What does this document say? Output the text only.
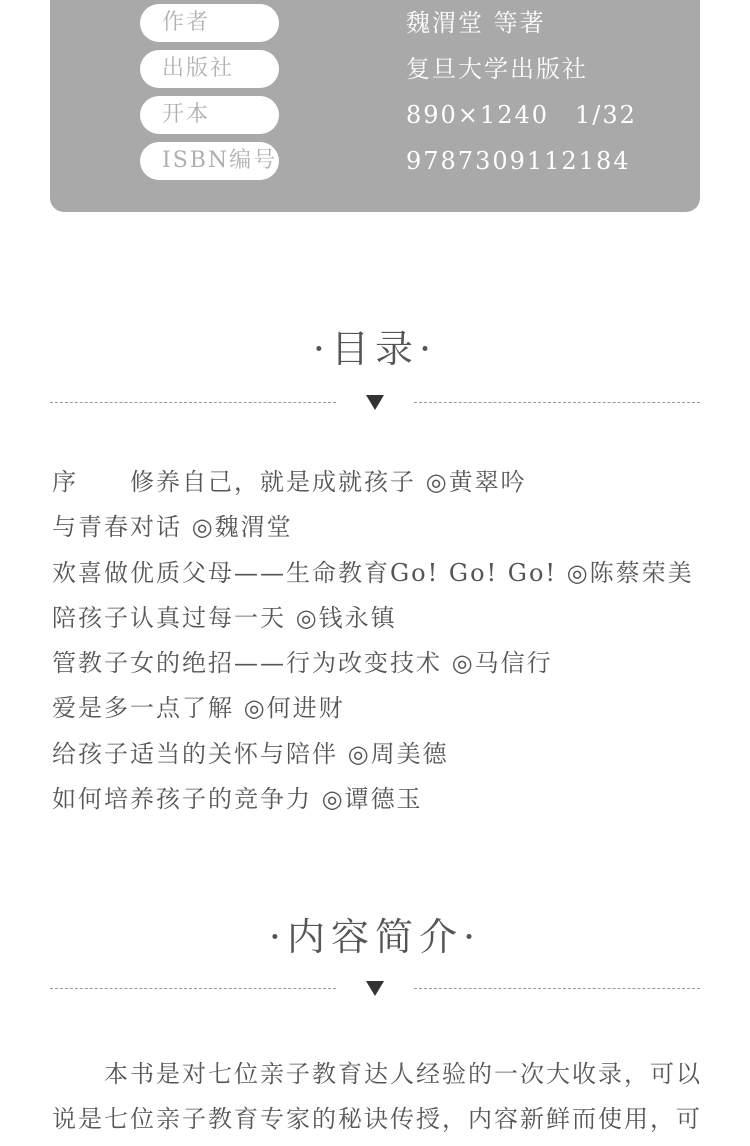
作者	魏渭堂 等著
出版社	复旦大学出版社
开本	890×1240　1/32
ISBN编号	9787309112184
·目录·
序　　修养自己，就是成就孩子 ◎黄翠吟
与青春对话 ◎魏渭堂
欢喜做优质父母——生命教育Go! Go! Go! ◎陈蔡荣美
陪孩子认真过每一天 ◎钱永镇
管教子女的绝招——行为改变技术 ◎马信行
爱是多一点了解 ◎何进财
给孩子适当的关怀与陪伴 ◎周美德
如何培养孩子的竞争力 ◎谭德玉
·内容简介·
本书是对七位亲子教育达人经验的一次大收录，可以说是七位亲子教育专家的秘诀传授，内容新鲜而使用，可
